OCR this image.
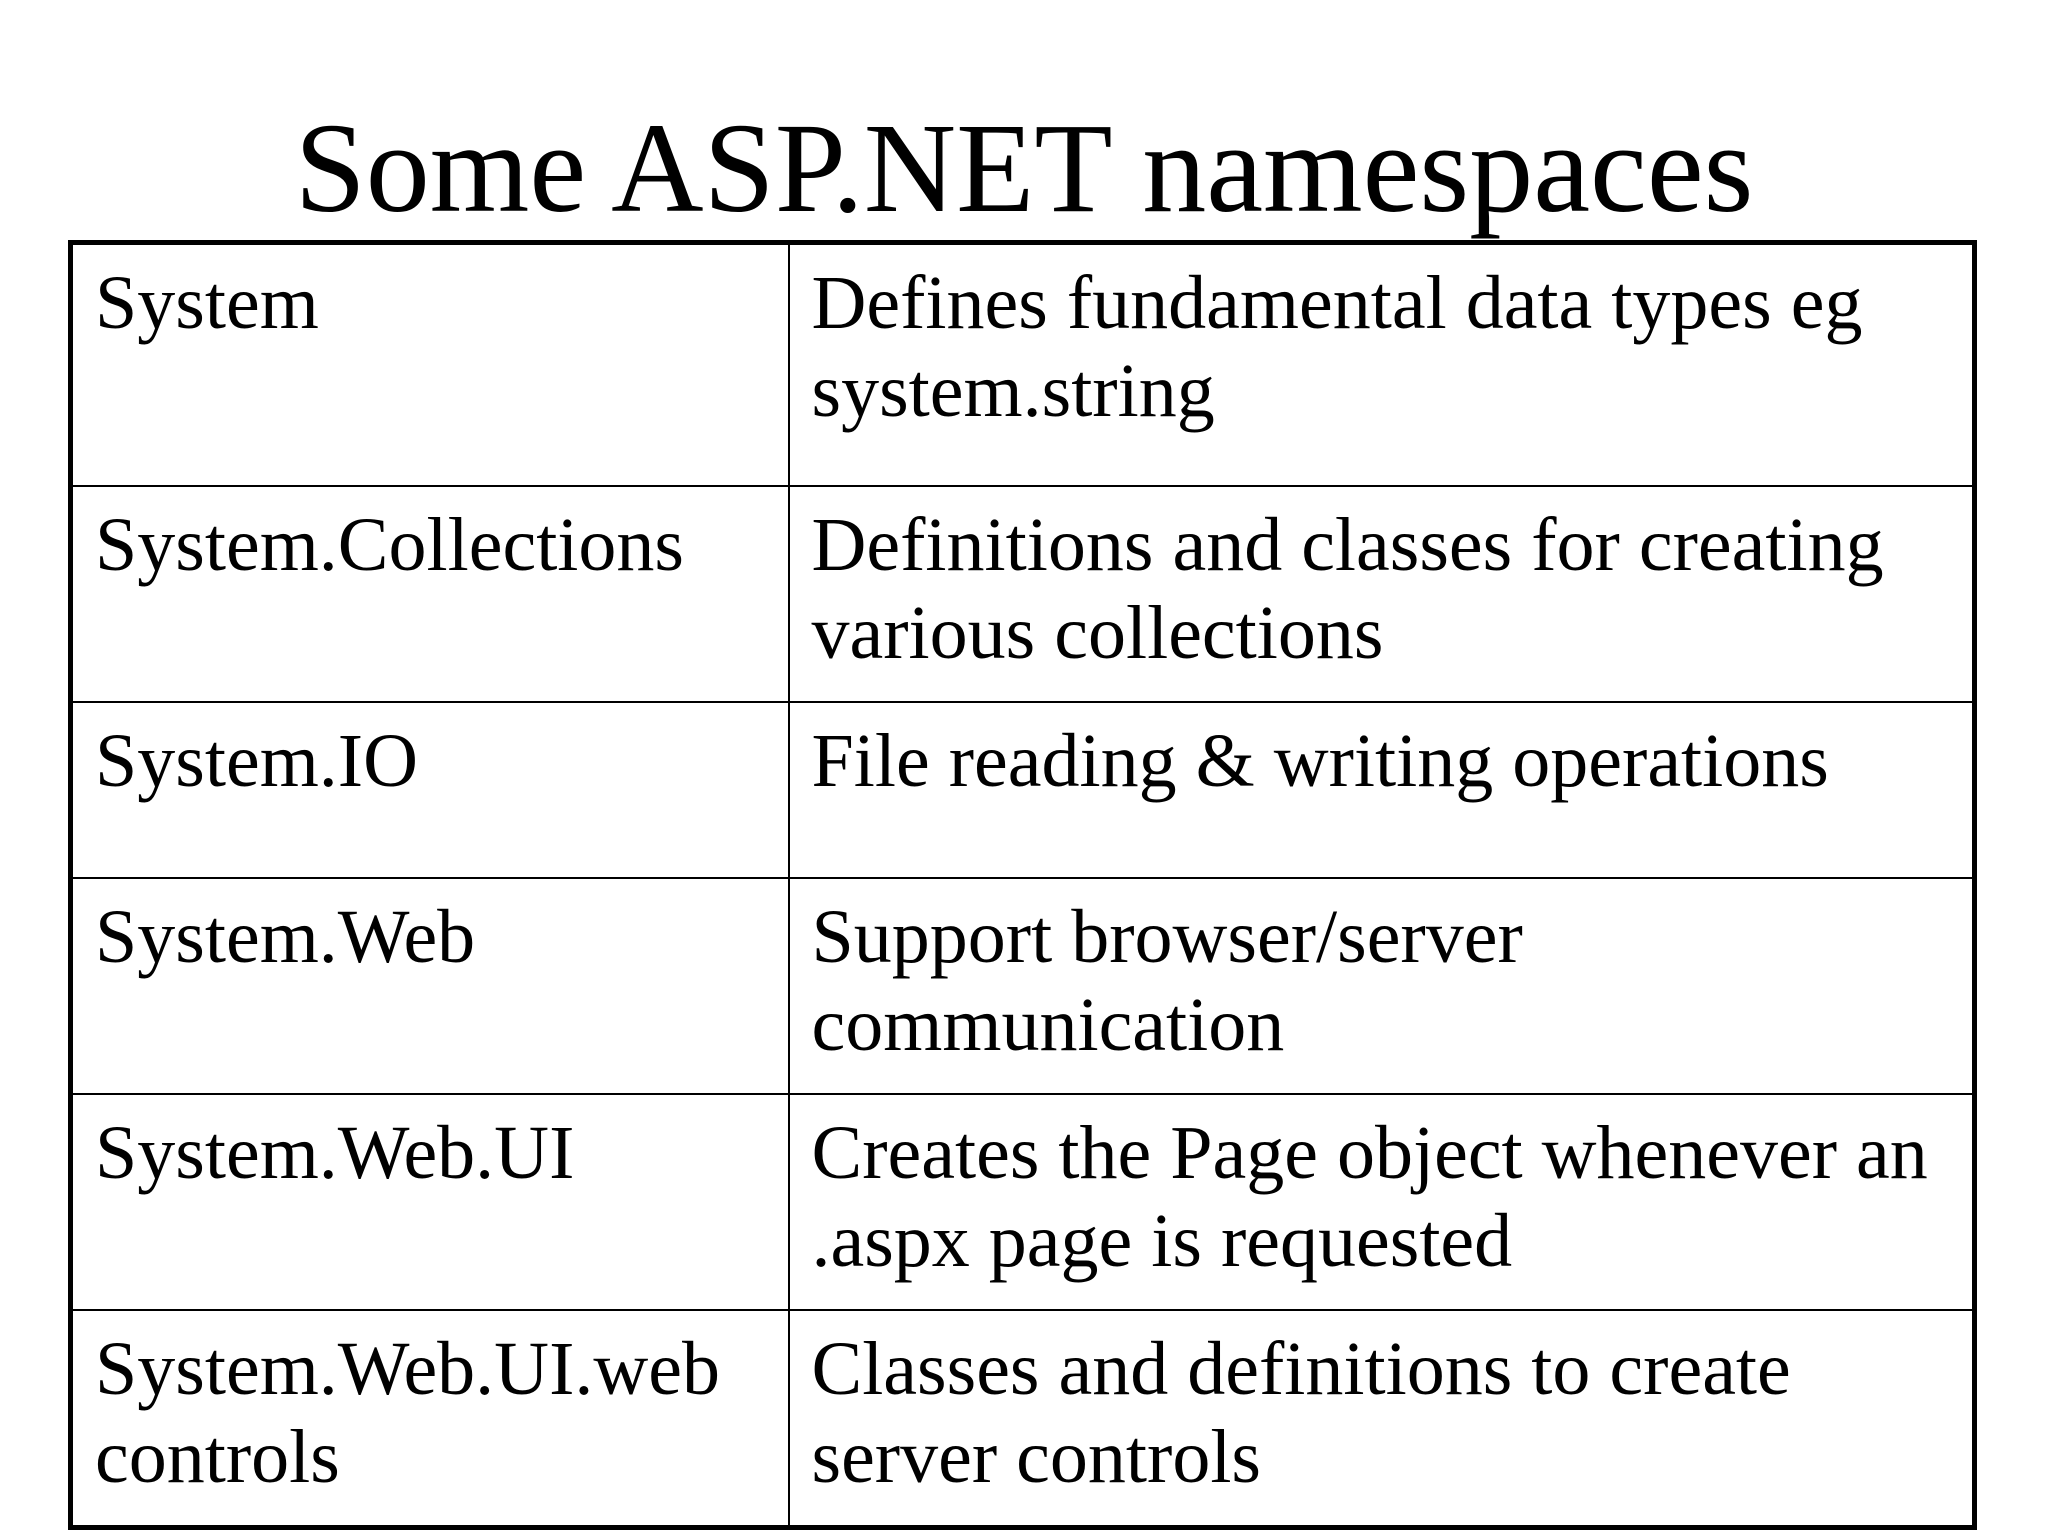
Some ASP.NET namespaces
System	Defines fundamental data types eg system.string
System.Collections	Definitions and classes for creating various collections
System.IO	File reading & writing operations
System.Web	Support browser/server communication
System.Web.UI	Creates the Page object whenever an .aspx page is requested
System.Web.UI.web controls	Classes and definitions to create server controls
